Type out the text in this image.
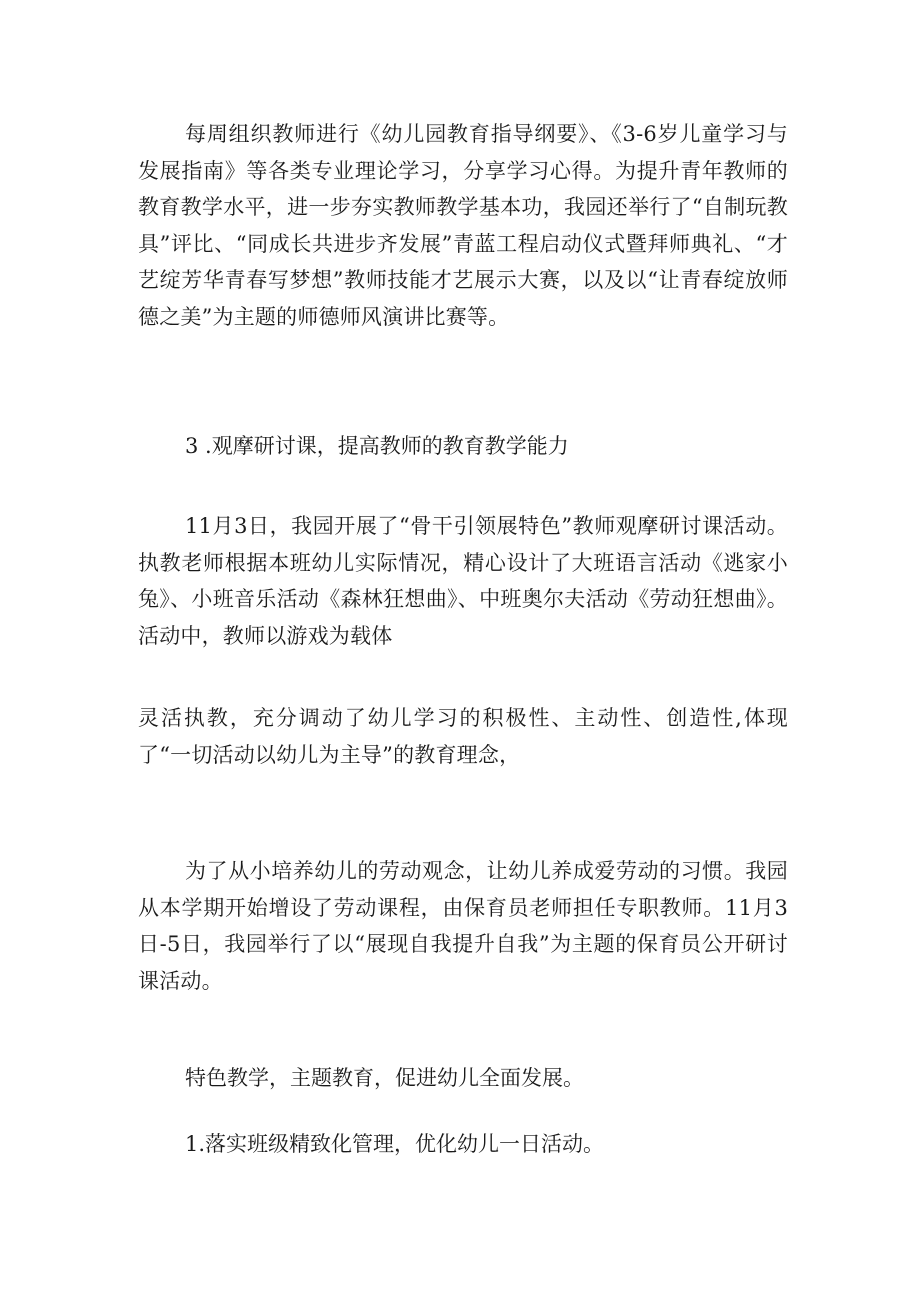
每周组织教师进行《幼儿园教育指导纲要》、《3-6岁儿童学习与发展指南》等各类专业理论学习，分享学习心得。为提升青年教师的教育教学水平，进一步夯实教师教学基本功，我园还举行了“自制玩教具”评比、“同成长共进步齐发展”青蓝工程启动仪式暨拜师典礼、“才艺绽芳华青春写梦想”教师技能才艺展示大赛，以及以“让青春绽放师德之美”为主题的师德师风演讲比赛等。

3 .观摩研讨课，提高教师的教育教学能力

11月3日，我园开展了“骨干引领展特色”教师观摩研讨课活动。执教老师根据本班幼儿实际情况，精心设计了大班语言活动《逃家小兔》、小班音乐活动《森林狂想曲》、中班奥尔夫活动《劳动狂想曲》。活动中，教师以游戏为载体

灵活执教，充分调动了幼儿学习的积极性、主动性、创造性,体现了“一切活动以幼儿为主导”的教育理念，

为了从小培养幼儿的劳动观念，让幼儿养成爱劳动的习惯。我园从本学期开始增设了劳动课程，由保育员老师担任专职教师。11月3日-5日，我园举行了以“展现自我提升自我”为主题的保育员公开研讨课活动。

特色教学，主题教育，促进幼儿全面发展。

1.落实班级精致化管理，优化幼儿一日活动。
